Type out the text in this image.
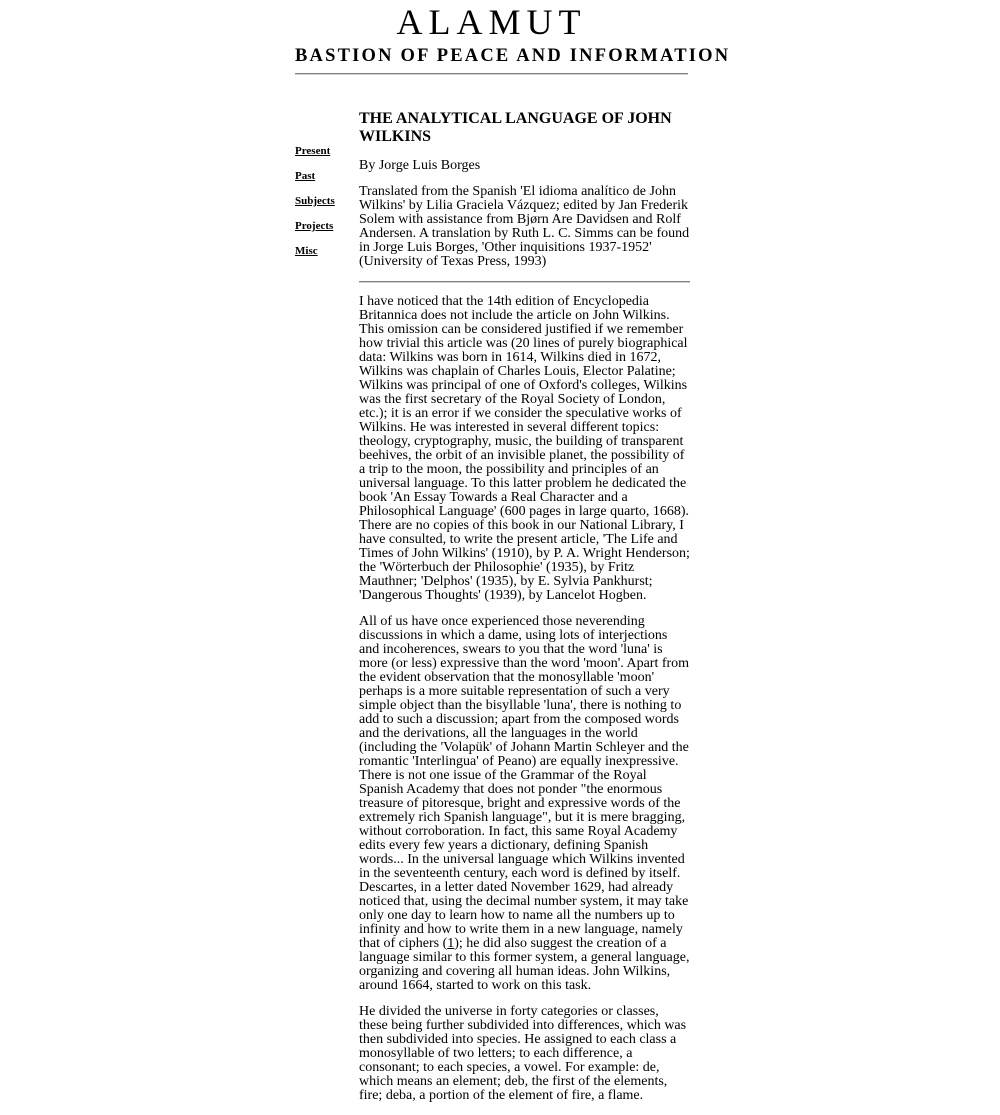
ALAMUT
BASTION OF PEACE AND INFORMATION
Present
Past
Subjects
Projects
Misc
THE ANALYTICAL LANGUAGE OF JOHN WILKINS

By Jorge Luis Borges

Translated from the Spanish 'El idioma analítico de John Wilkins' by Lilia Graciela Vázquez; edited by Jan Frederik Solem with assistance from Bjørn Are Davidsen and Rolf Andersen. A translation by Ruth L. C. Simms can be found in Jorge Luis Borges, 'Other inquisitions 1937-1952' (University of Texas Press, 1993)

I have noticed that the 14th edition of Encyclopedia Britannica does not include the article on John Wilkins. This omission can be considered justified if we remember how trivial this article was (20 lines of purely biographical data: Wilkins was born in 1614, Wilkins died in 1672, Wilkins was chaplain of Charles Louis, Elector Palatine; Wilkins was principal of one of Oxford's colleges, Wilkins was the first secretary of the Royal Society of London, etc.); it is an error if we consider the speculative works of Wilkins. He was interested in several different topics: theology, cryptography, music, the building of transparent beehives, the orbit of an invisible planet, the possibility of a trip to the moon, the possibility and principles of an universal language. To this latter problem he dedicated the book 'An Essay Towards a Real Character and a Philosophical Language' (600 pages in large quarto, 1668). There are no copies of this book in our National Library, I have consulted, to write the present article, 'The Life and Times of John Wilkins' (1910), by P. A. Wright Henderson; the 'Wörterbuch der Philosophie' (1935), by Fritz Mauthner; 'Delphos' (1935), by E. Sylvia Pankhurst; 'Dangerous Thoughts' (1939), by Lancelot Hogben.

All of us have once experienced those neverending discussions in which a dame, using lots of interjections and incoherences, swears to you that the word 'luna' is more (or less) expressive than the word 'moon'. Apart from the evident observation that the monosyllable 'moon' perhaps is a more suitable representation of such a very simple object than the bisyllable 'luna', there is nothing to add to such a discussion; apart from the composed words and the derivations, all the languages in the world (including the 'Volapük' of Johann Martin Schleyer and the romantic 'Interlingua' of Peano) are equally inexpressive. There is not one issue of the Grammar of the Royal Spanish Academy that does not ponder "the enormous treasure of pitoresque, bright and expressive words of the extremely rich Spanish language", but it is mere bragging, without corroboration. In fact, this same Royal Academy edits every few years a dictionary, defining Spanish words... In the universal language which Wilkins invented in the seventeenth century, each word is defined by itself. Descartes, in a letter dated November 1629, had already noticed that, using the decimal number system, it may take only one day to learn how to name all the numbers up to infinity and how to write them in a new language, namely that of ciphers (1); he did also suggest the creation of a language similar to this former system, a general language, organizing and covering all human ideas. John Wilkins, around 1664, started to work on this task.

He divided the universe in forty categories or classes, these being further subdivided into differences, which was then subdivided into species. He assigned to each class a monosyllable of two letters; to each difference, a consonant; to each species, a vowel. For example: de, which means an element; deb, the first of the elements, fire; deba, a portion of the element of fire, a flame.
